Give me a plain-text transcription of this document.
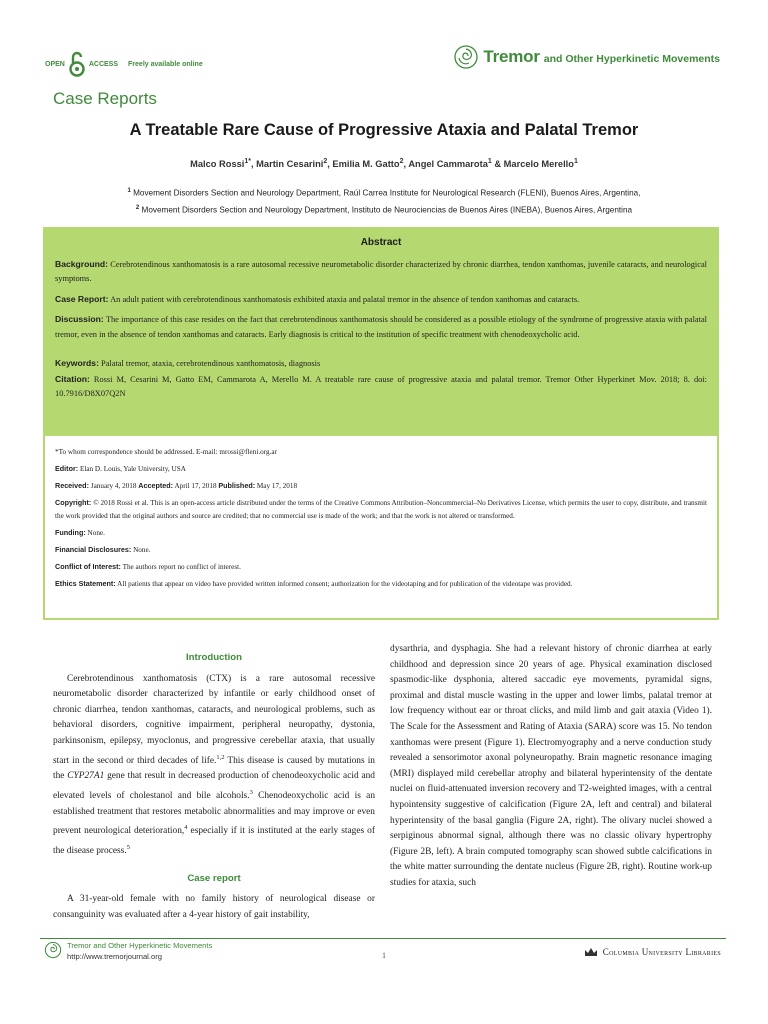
OPEN	ACCESS Freely available online	Tremor and Other Hyperkinetic Movements
Case Reports
A Treatable Rare Cause of Progressive Ataxia and Palatal Tremor
Malco Rossi$^{1*}$, Martin Cesarini$^2$, Emilia M. Gatto$^2$, Angel Cammarota$^1$ & Marcelo Merello$^1$
$^1$ Movement Disorders Section and Neurology Department, Raúl Carrea Institute for Neurological Research (FLENI), Buenos Aires, Argentina,
$^2$ Movement Disorders Section and Neurology Department, Instituto de Neurociencias de Buenos Aires (INEBA), Buenos Aires, Argentina
Abstract

Background: Cerebrotendinous xanthomatosis is a rare autosomal recessive neurometabolic disorder characterized by chronic diarrhea, tendon xanthomas, juvenile cataracts, and neurological symptoms.

Case Report: An adult patient with cerebrotendinous xanthomatosis exhibited ataxia and palatal tremor in the absence of tendon xanthomas and cataracts.

Discussion: The importance of this case resides on the fact that cerebrotendinous xanthomatosis should be considered as a possible etiology of the syndrome of progressive ataxia with palatal tremor, even in the absence of tendon xanthomas and cataracts. Early diagnosis is critical to the institution of specific treatment with chenodeoxycholic acid.

Keywords: Palatal tremor, ataxia, cerebrotendinous xanthomatosis, diagnosis

Citation: Rossi M, Cesarini M, Gatto EM, Cammarota A, Merello M. A treatable rare cause of progressive ataxia and palatal tremor. Tremor Other Hyperkinet Mov. 2018; 8. doi: 10.7916/D8X07Q2N

*To whom correspondence should be addressed. E-mail: mrossi@fleni.org.ar

Editor: Elan D. Louis, Yale University, USA

Received: January 4, 2018 Accepted: April 17, 2018 Published: May 17, 2018

Copyright: © 2018 Rossi et al. This is an open-access article distributed under the terms of the Creative Commons Attribution–Noncommercial–No Derivatives License, which permits the user to copy, distribute, and transmit the work provided that the original authors and source are credited; that no commercial use is made of the work; and that the work is not altered or transformed.

Funding: None.

Financial Disclosures: None.

Conflict of Interest: The authors report no conflict of interest.

Ethics Statement: All patients that appear on video have provided written informed consent; authorization for the videotaping and for publication of the videotape was provided.

Introduction

Cerebrotendinous xanthomatosis (CTX) is a rare autosomal recessive neurometabolic disorder characterized by infantile or early childhood onset of chronic diarrhea, tendon xanthomas, cataracts, and neurological problems, such as behavioral disorders, cognitive impairment, peripheral neuropathy, dystonia, parkinsonism, epilepsy, myoclonus, and progressive cerebellar ataxia, that usually start in the second or third decades of life.$^{1,2}$ This disease is caused by mutations in the CYP27A1 gene that result in decreased production of chenodeoxycholic acid and elevated levels of cholestanol and bile alcohols.$^3$ Chenodeoxycholic acid is an established treatment that restores metabolic abnormalities and may improve or even prevent neurological deterioration,$^4$ especially if it is instituted at the early stages of the disease process.$^5$

Case report

A 31-year-old female with no family history of neurological disease or consanguinity was evaluated after a 4-year history of gait instability,

dysarthria, and dysphagia. She had a relevant history of chronic diarrhea at early childhood and depression since 20 years of age. Physical examination disclosed spasmodic-like dysphonia, altered saccadic eye movements, pyramidal signs, proximal and distal muscle wasting in the upper and lower limbs, palatal tremor at low frequency without ear or throat clicks, and mild limb and gait ataxia (Video 1). The Scale for the Assessment and Rating of Ataxia (SARA) score was 15. No tendon xanthomas were present (Figure 1). Electromyography and a nerve conduction study revealed a sensorimotor axonal polyneuropathy. Brain magnetic resonance imaging (MRI) displayed mild cerebellar atrophy and bilateral hyperintensity of the dentate nuclei on fluid-attenuated inversion recovery and T2-weighted images, with a central hypointensity suggestive of calcification (Figure 2A, left and central) and bilateral hyperintensity of the basal ganglia (Figure 2A, right). The olivary nuclei showed a serpiginous abnormal signal, although there was no classic olivary hypertrophy (Figure 2B, left). A brain computed tomography scan showed subtle calcifications in the white matter surrounding the dentate nucleus (Figure 2B, right). Routine work-up studies for ataxia, such

Tremor and Other Hyperkinetic Movements
http://www.tremorjournal.org	1	Columbia University Libraries
